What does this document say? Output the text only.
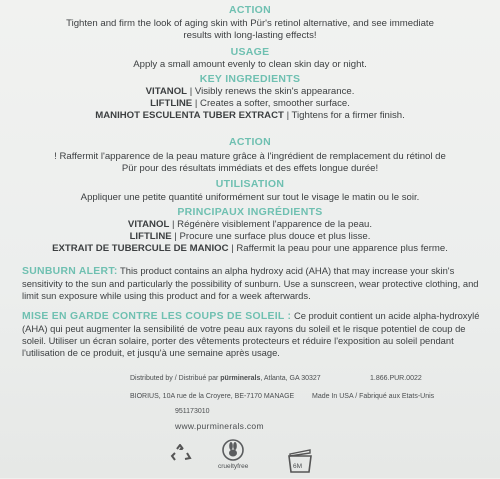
ACTION
Tighten and firm the look of aging skin with Pür's retinol alternative, and see immediate
results with long-lasting effects!
USAGE
Apply a small amount evenly to clean skin day or night.
KEY INGREDIENTS
VITANOL | Visibly renews the skin's appearance.
LIFTLINE | Creates a softer, smoother surface.
MANIHOT ESCULENTA TUBER EXTRACT | Tightens for a firmer finish.
ACTION
! Raffermit l'apparence de la peau mature grâce à l'ingrédient de remplacement du rétinol de
Pür pour des résultats immédiats et des effets longue durée!
UTILISATION
Appliquer une petite quantité uniformément sur tout le visage le matin ou le soir.
PRINCIPAUX INGRÉDIENTS
VITANOL | Régénère visiblement l'apparence de la peau.
LIFTLINE | Procure une surface plus douce et plus lisse.
EXTRAIT DE TUBERCULE DE MANIOC | Raffermit la peau pour une apparence plus ferme.
SUNBURN ALERT: This product contains an alpha hydroxy acid (AHA) that may increase your skin's sensitivity to the sun and particularly the possibility of sunburn. Use a sunscreen, wear protective clothing, and limit sun exposure while using this product and for a week afterwards.
MISE EN GARDE CONTRE LES COUPS DE SOLEIL : Ce produit contient un acide alpha-hydroxylé (AHA) qui peut augmenter la sensibilité de votre peau aux rayons du soleil et le risque potentiel de coup de soleil. Utiliser un écran solaire, porter des vêtements protecteurs et réduire l'exposition au soleil pendant l'utilisation de ce produit, et jusqu'à une semaine après usage.
Distributed by / Distribué par pürminerals, Atlanta, GA 30327	1.866.PUR.0022
BIORIUS, 10A rue de la Croyere, BE-7170 MANAGE	Made In USA / Fabriqué aux Etats-Unis
951173010
www.purminerals.com
crueltyfree	6M
